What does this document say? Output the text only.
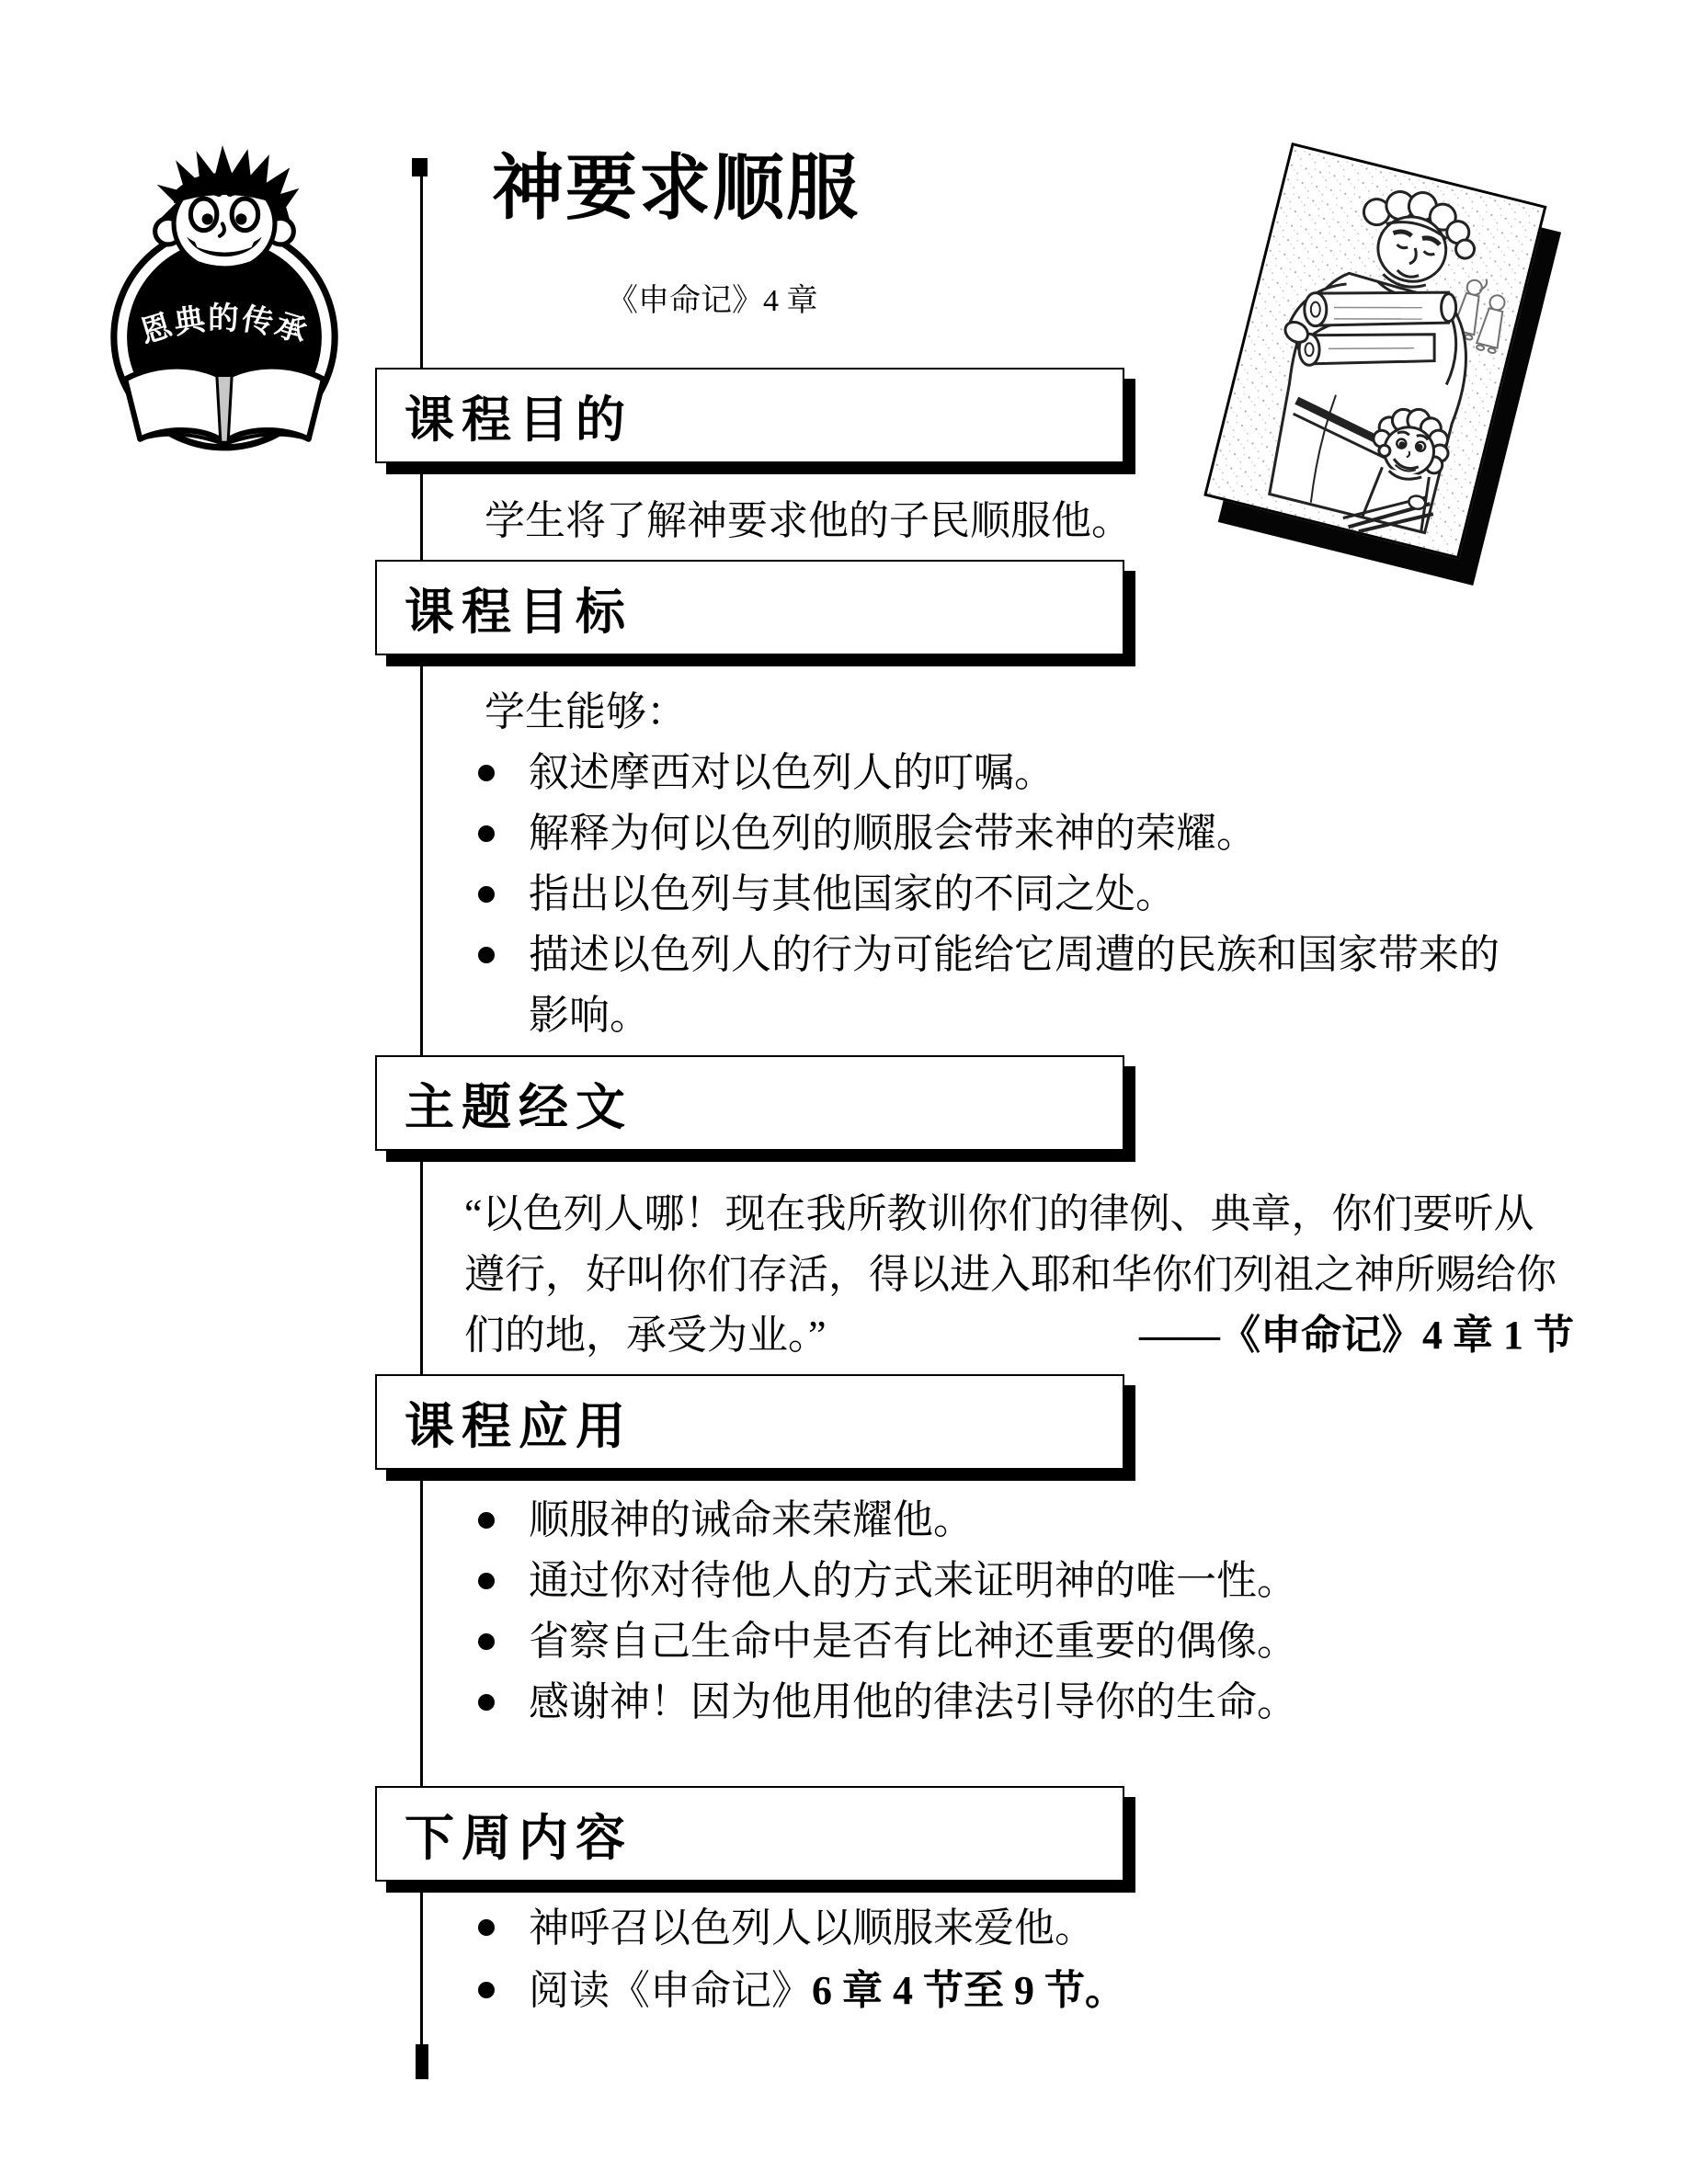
恩典的传承
神要求顺服
《申命记》4 章
课程目的
课程目标
主题经文
课程应用
下周内容
学生将了解神要求他的子民顺服他。
学生能够：
叙述摩西对以色列人的叮嘱。
解释为何以色列的顺服会带来神的荣耀。
指出以色列与其他国家的不同之处。
描述以色列人的行为可能给它周遭的民族和国家带来的影响。
“以色列人哪！现在我所教训你们的律例、典章，你们要听从
遵行，好叫你们存活，得以进入耶和华你们列祖之神所赐给你
们的地，承受为业。”	——《申命记》4 章 1 节
顺服神的诫命来荣耀他。
通过你对待他人的方式来证明神的唯一性。
省察自己生命中是否有比神还重要的偶像。
感谢神！因为他用他的律法引导你的生命。
神呼召以色列人以顺服来爱他。
阅读《申命记》6 章 4 节至 9 节。
